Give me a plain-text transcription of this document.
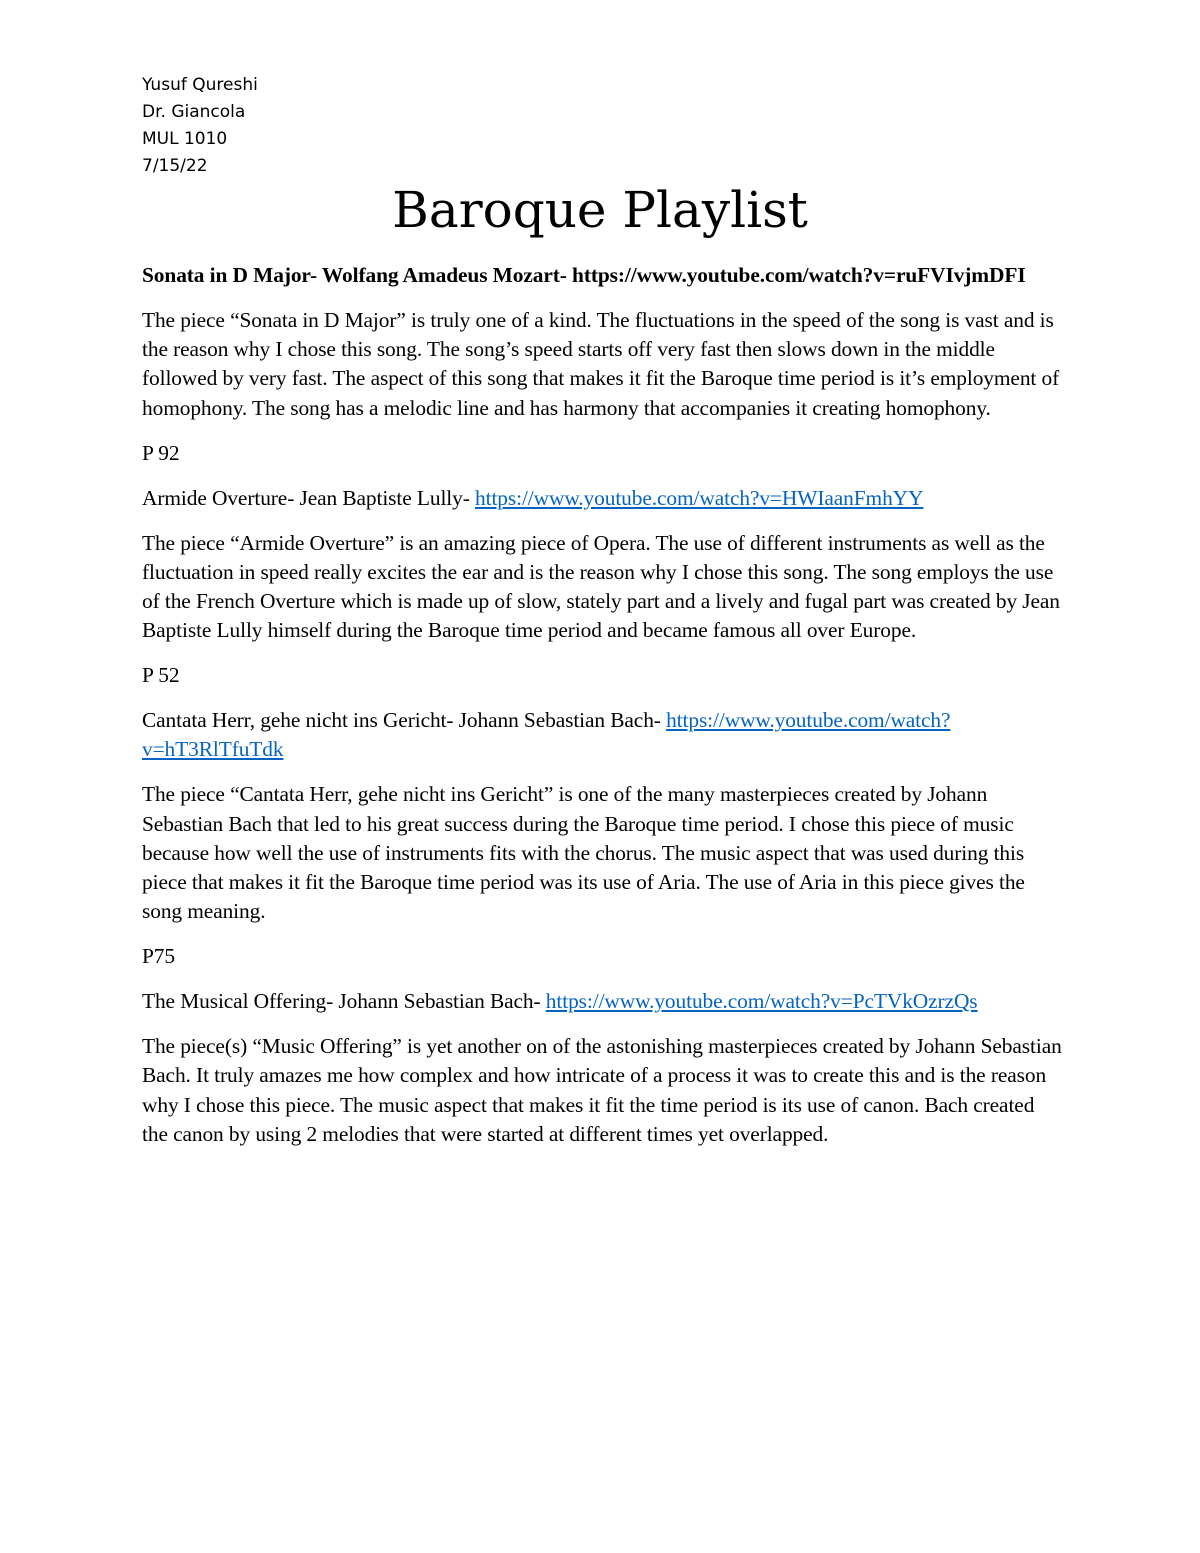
Yusuf Qureshi
Dr. Giancola
MUL 1010
7/15/22
Baroque Playlist

Sonata in D Major- Wolfang Amadeus Mozart- https://www.youtube.com/watch?v=ruFVIvjmDFI

The piece “Sonata in D Major” is truly one of a kind. The fluctuations in the speed of the song is vast and is the reason why I chose this song. The song’s speed starts off very fast then slows down in the middle followed by very fast. The aspect of this song that makes it fit the Baroque time period is it’s employment of homophony. The song has a melodic line and has harmony that accompanies it creating homophony.

P 92

Armide Overture- Jean Baptiste Lully- https://www.youtube.com/watch?v=HWIaanFmhYY

The piece “Armide Overture” is an amazing piece of Opera. The use of different instruments as well as the fluctuation in speed really excites the ear and is the reason why I chose this song. The song employs the use of the French Overture which is made up of slow, stately part and a lively and fugal part was created by Jean Baptiste Lully himself during the Baroque time period and became famous all over Europe.

P 52

Cantata Herr, gehe nicht ins Gericht- Johann Sebastian Bach- https://www.youtube.com/watch?v=hT3RlTfuTdk

The piece “Cantata Herr, gehe nicht ins Gericht” is one of the many masterpieces created by Johann Sebastian Bach that led to his great success during the Baroque time period. I chose this piece of music because how well the use of instruments fits with the chorus. The music aspect that was used during this piece that makes it fit the Baroque time period was its use of Aria. The use of Aria in this piece gives the song meaning.

P75

The Musical Offering- Johann Sebastian Bach- https://www.youtube.com/watch?v=PcTVkOzrzQs

The piece(s) “Music Offering” is yet another on of the astonishing masterpieces created by Johann Sebastian Bach. It truly amazes me how complex and how intricate of a process it was to create this and is the reason why I chose this piece. The music aspect that makes it fit the time period is its use of canon. Bach created the canon by using 2 melodies that were started at different times yet overlapped.
